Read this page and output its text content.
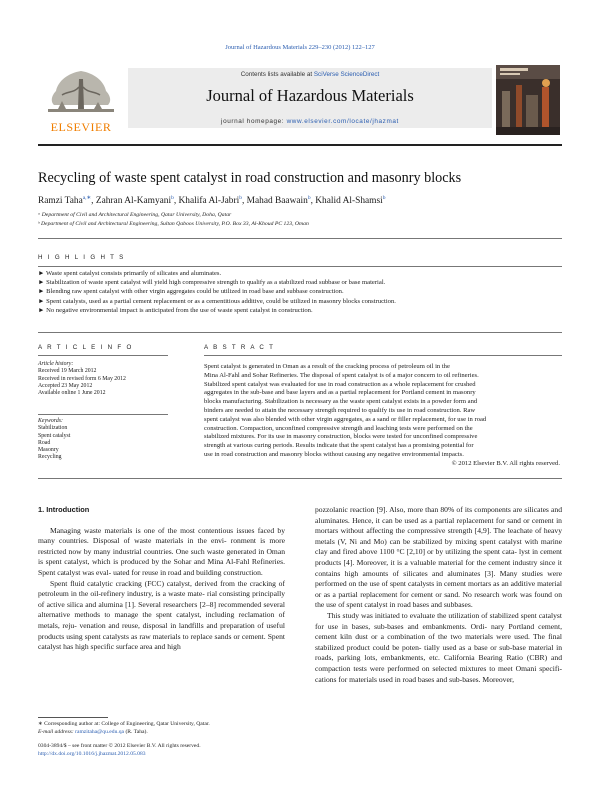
Journal of Hazardous Materials 229–230 (2012) 122–127
ELSEVIER
Contents lists available at SciVerse ScienceDirect
Journal of Hazardous Materials
journal homepage: www.elsevier.com/locate/jhazmat
Recycling of waste spent catalyst in road construction and masonry blocks
Ramzi Taha$^{a,∗}$, Zahran Al-Kamyani$^b$, Khalifa Al-Jabri$^b$, Mahad Baawain$^b$, Khalid Al-Shamsi$^b$
ᵃ Department of Civil and Architectural Engineering, Qatar University, Doha, Qatar
ᵇ Department of Civil and Architectural Engineering, Sultan Qaboos University, P.O. Box 33, Al-Khoud PC 123, Oman
H I G H L I G H T S
► Waste spent catalyst consists primarily of silicates and aluminates.
► Stabilization of waste spent catalyst will yield high compressive strength to qualify as a stabilized road subbase or base material.
► Blending raw spent catalyst with other virgin aggregates could be utilized in road base and subbase construction.
► Spent catalysts, used as a partial cement replacement or as a cementitious additive, could be utilized in masonry blocks construction.
► No negative environmental impact is anticipated from the use of waste spent catalyst in construction.
A R T I C L E I N F O	A B S T R A C T
Article history:
Received 19 March 2012
Received in revised form 6 May 2012
Accepted 23 May 2012
Available online 1 June 2012
Keywords:
Stabilization
Spent catalyst
Road
Masonry
Recycling

Spent catalyst is generated in Oman as a result of the cracking process of petroleum oil in the

Mina Al-Fahl and Sohar Refineries. The disposal of spent catalyst is of a major concern to oil refineries.

Stabilized spent catalyst was evaluated for use in road construction as a whole replacement for crushed

aggregates in the sub-base and base layers and as a partial replacement for Portland cement in masonry

blocks manufacturing. Stabilization is necessary as the waste spent catalyst exists in a powder form and

binders are needed to attain the necessary strength required to qualify its use in road construction. Raw

spent catalyst was also blended with other virgin aggregates, as a sand or filler replacement, for use in road

construction. Compaction, unconfined compressive strength and leaching tests were performed on the

stabilized mixtures. For its use in masonry construction, blocks were tested for unconfined compressive

strength at various curing periods. Results indicate that the spent catalyst has a promising potential for

use in road construction and masonry blocks without causing any negative environmental impacts.

© 2012 Elsevier B.V. All rights reserved.

1. Introduction

Managing waste materials is one of the most contentious issues faced by many countries. Disposal of waste materials in the envi- ronment is more restricted now by many industrial countries. One such waste generated in Oman is spent catalyst, which is produced by the Sohar and Mina Al-Fahl Refineries. Spent catalyst was eval- uated for reuse in road and building construction.

Spent fluid catalytic cracking (FCC) catalyst, derived from the cracking of petroleum in the oil-refinery industry, is a waste mate- rial consisting principally of active silica and alumina [1]. Several researchers [2–8] recommended several alternative methods to manage the spent catalyst, including reclamation of metals, reju- venation and reuse, disposal in landfills and preparation of useful products using spent catalysts as raw materials to replace sands or cement. Spent catalyst has high specific surface area and high

pozzolanic reaction [9]. Also, more than 80% of its components are silicates and aluminates. Hence, it can be used as a partial replacement for sand or cement in mortars without affecting the compressive strength [4,9]. The leachate of heavy metals (V, Ni and Mo) can be stabilized by mixing spent catalyst with marine clay and fired above 1100 °C [2,10] or by utilizing the spent cata- lyst in cement products [4]. Moreover, it is a valuable material for the cement industry since it contains high amounts of silicates and aluminates [3]. Many studies were performed on the use of spent catalysts in cement mortars as an additive material or as a partial replacement for cement or sand. No research work was found on the use of spent catalyst in road bases and subbases.

This study was initiated to evaluate the utilization of stabilized spent catalyst for use in bases, sub-bases and embankments. Ordi- nary Portland cement, cement kiln dust or a combination of the two materials were used. The final stabilized product could be poten- tially used as a base or sub-base material in roads, parking lots, embankments, etc. California Bearing Ratio (CBR) and compaction tests were performed on selected mixtures to meet Omani specifi- cations for materials used in road bases and sub-bases. Moreover,

∗ Corresponding author at: College of Engineering, Qatar University, Qatar.
E-mail address: ramzitaha@qu.edu.qa (R. Taha).
0304-3894/$ – see front matter © 2012 Elsevier B.V. All rights reserved.
http://dx.doi.org/10.1016/j.jhazmat.2012.05.083
